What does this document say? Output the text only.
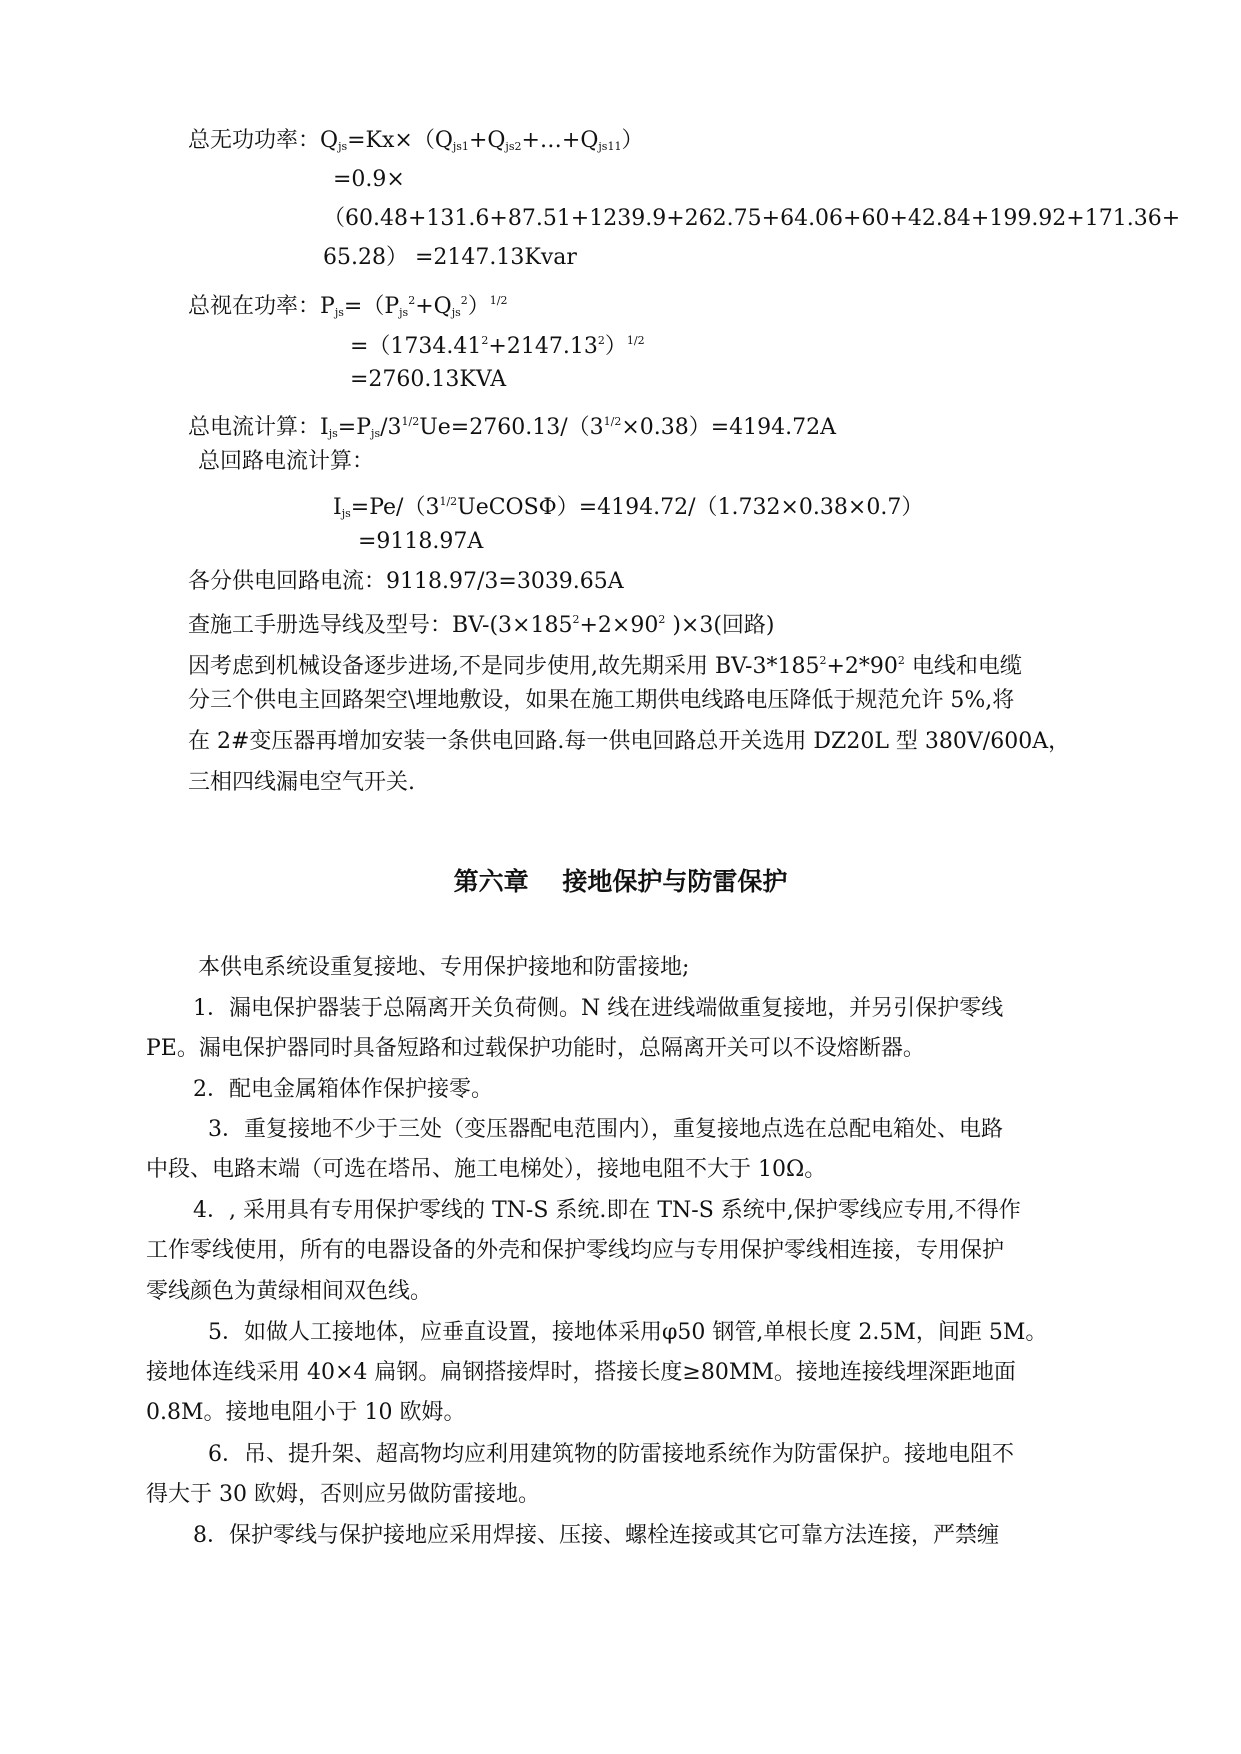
总无功功率：$Q_{js}=Kx\times(Q_{js1}+Q_{js2}+\dots+Q_{js11})$
=0.9×
（60.48+131.6+87.51+1239.9+262.75+64.06+60+42.84+199.92+171.36+
65.28） =2147.13Kvar
总视在功率：$P_{js}=(P_{js}^2+Q_{js}^2)^{1/2}$
$=(1734.41^2+2147.13^2)^{1/2}$
=2760.13KVA
总电流计算：$I_{js}=P_{js}/3^{1/2}Ue=2760.13/(3^{1/2}\times 0.38)=4194.72A$
总回路电流计算：
$I_{js}=Pe/(3^{1/2}UeCOS\Phi)=4194.72/(1.732\times 0.38\times 0.7)$
=9118.97A
各分供电回路电流：9118.97/3=3039.65A
查施工手册选导线及型号：$BV-(3\times 185^2+2\times 90^2$ )×3(回路)
因考虑到机械设备逐步进场,不是同步使用,故先期采用 $BV-3*185^2+2*90^2$ 电线和电缆
分三个供电主回路架空\埋地敷设，如果在施工期供电线路电压降低于规范允许 5%,将
在 2#变压器再增加安装一条供电回路.每一供电回路总开关选用 DZ20L 型 380V/600A，
三相四线漏电空气开关.
第六章　 接地保护与防雷保护
本供电系统设重复接地、专用保护接地和防雷接地;
1．漏电保护器装于总隔离开关负荷侧。N 线在进线端做重复接地，并另引保护零线
PE。漏电保护器同时具备短路和过载保护功能时，总隔离开关可以不设熔断器。
2．配电金属箱体作保护接零。
3．重复接地不少于三处（变压器配电范围内），重复接地点选在总配电箱处、电路
中段、电路末端（可选在塔吊、施工电梯处），接地电阻不大于 10Ω。
4．, 采用具有专用保护零线的 TN-S 系统.即在 TN-S 系统中,保护零线应专用,不得作
工作零线使用，所有的电器设备的外壳和保护零线均应与专用保护零线相连接，专用保护
零线颜色为黄绿相间双色线。
5．如做人工接地体，应垂直设置，接地体采用φ50 钢管,单根长度 2.5M，间距 5M。
接地体连线采用 40×4 扁钢。扁钢搭接焊时，搭接长度≥80MM。接地连接线埋深距地面
0.8M。接地电阻小于 10 欧姆。
6．吊、提升架、超高物均应利用建筑物的防雷接地系统作为防雷保护。接地电阻不
得大于 30 欧姆，否则应另做防雷接地。
8．保护零线与保护接地应采用焊接、压接、螺栓连接或其它可靠方法连接，严禁缠
